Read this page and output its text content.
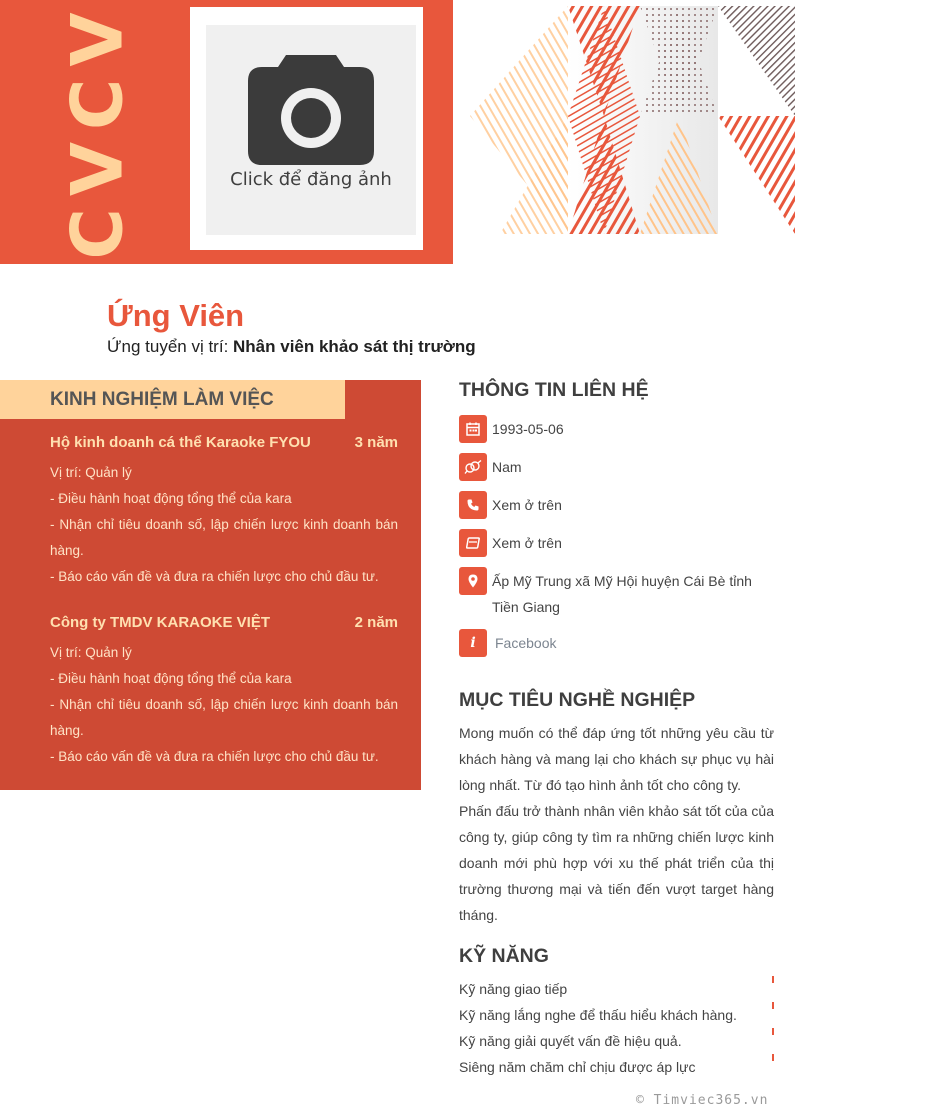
CVCV	Click để đăng ảnh
Ứng Viên
Ứng tuyển vị trí: Nhân viên khảo sát thị trường
KINH NGHIỆM LÀM VIỆC
Hộ kinh doanh cá thể Karaoke FYOU	3 năm
Vị trí: Quản lý
- Điều hành hoạt động tổng thể của kara
- Nhận chỉ tiêu doanh số, lập chiến lược kinh doanh bán hàng.
- Báo cáo vấn đề và đưa ra chiến lược cho chủ đầu tư.
Công ty TMDV KARAOKE VIỆT	2 năm
Vị trí: Quản lý
- Điều hành hoạt động tổng thể của kara
- Nhận chỉ tiêu doanh số, lập chiến lược kinh doanh bán hàng.
- Báo cáo vấn đề và đưa ra chiến lược cho chủ đầu tư.
THÔNG TIN LIÊN HỆ
1993-05-06
Nam
Xem ở trên
Xem ở trên
Ấp Mỹ Trung xã Mỹ Hội huyện Cái Bè tỉnh Tiền Giang
i Facebook
MỤC TIÊU NGHỀ NGHIỆP
Mong muốn có thể đáp ứng tốt những yêu cầu từ khách hàng và mang lại cho khách sự phục vụ hài lòng nhất. Từ đó tạo hình ảnh tốt cho công ty.
Phấn đấu trở thành nhân viên khảo sát tốt của của công ty, giúp công ty tìm ra những chiến lược kinh doanh mới phù hợp với xu thế phát triển của thị trường thương mại và tiến đến vượt target hàng tháng.
KỸ NĂNG
Kỹ năng giao tiếp
Kỹ năng lắng nghe để thấu hiểu khách hàng.
Kỹ năng giải quyết vấn đề hiệu quả.
Siêng năm chăm chỉ chịu được áp lực
© Timviec365.vn
